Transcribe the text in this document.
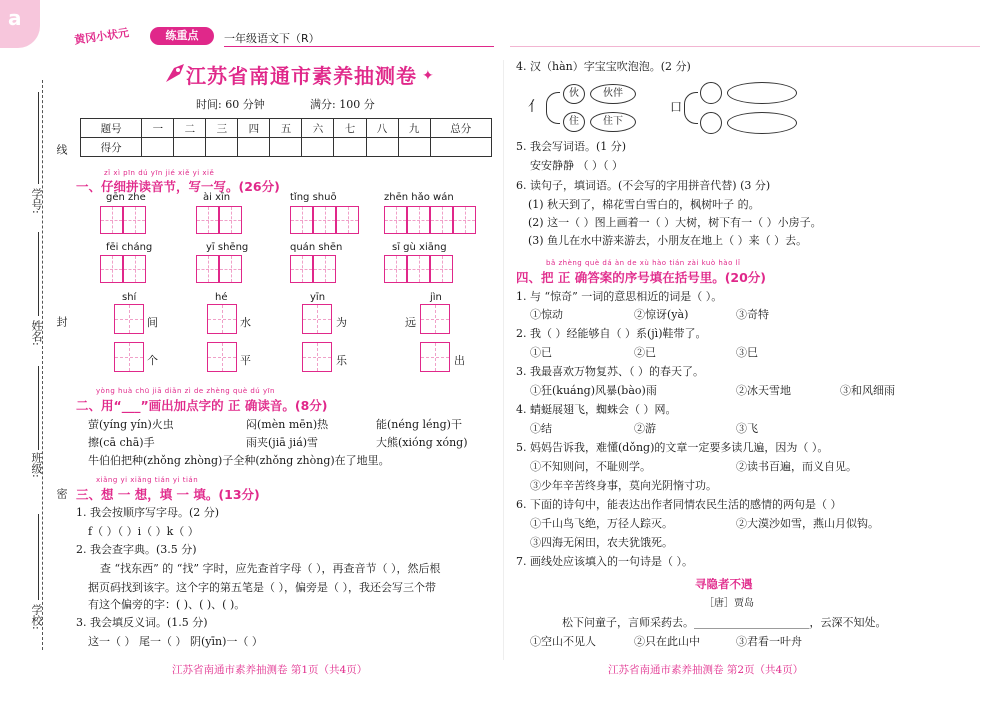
a
黄冈小状元	练重点	一年级语文下（R）
江苏省南通市素养抽测卷 ✦
时间: 60 分钟	满分: 100 分
题号	一	二	三	四	五	六	七	八	九	总分
得分										
线
封
密
学号:
姓名:
班级:
学校:
zǐ xì pīn dú yīn jié xiě yi xiě
一、仔细拼读音节，写一写。(26分)
gēn zhe	ài xīn	tǐng shuō	zhēn hǎo wán
fēi cháng	yī shēng	quán shēn	sī gù xiāng
shí	hé	yīn	jìn
间	水	为	远
个	平	乐	出
yòng huà chū jiā diǎn zì de zhèng què dú yīn
二、用“___”画出加点字的 正 确读音。(8分)
萤(yíng yín)火虫	闷(mèn mēn)热	能(néng léng)干
擦(cā chā)手	雨夹(jiā jiá)雪	大熊(xióng xóng)
牛伯伯把种(zhǒng zhòng)子全种(zhǒng zhòng)在了地里。
xiǎng yi xiǎng tián yi tián
三、想 一 想，填 一 填。(13分)
1. 我会按顺序写字母。(2 分)
f（ ）（ ）i（ ）k（ ）
2. 我会查字典。(3.5 分)
查 “找东西” 的 “找” 字时，应先查首字母（ ），再查音节（ ），然后根
据页码找到该字。这个字的第五笔是（ ），偏旁是（ ），我还会写三个带
有这个偏旁的字：( )、( )、( )。
3. 我会填反义词。(1.5 分)
这一（ ） 尾一（ ） 阴(yīn)一（ ）
江苏省南通市素养抽测卷 第1页（共4页）
4. 汉（hàn）字宝宝吹泡泡。(2 分)
亻
伙	伙伴
住	住下
口
5. 我会写词语。(1 分)
安安静静 （ ）（ ）
6. 读句子，填词语。(不会写的字用拼音代替) (3 分)
(1) 秋天到了，棉花雪白雪白的，枫树叶子 的。
(2) 这一（ ）图上画着一（ ）大树，树下有一（ ）小房子。
(3) 鱼儿在水中游来游去，小朋友在地上（ ）来（ ）去。
bǎ zhèng què dá àn de xù hào tián zài kuò hào lǐ
四、把 正 确答案的序号填在括号里。(20分)
1. 与 “惊奇” 一词的意思相近的词是（ ）。
①惊动	②惊讶(yà)	③奇特
2. 我（ ）经能够自（ ）系(jì)鞋带了。
①已	②已	③巳
3. 我最喜欢万物复苏、（ ）的春天了。
①狂(kuáng)风暴(bào)雨	②冰天雪地	③和风细雨
4. 蜻蜓展翅飞，蜘蛛会（ ）网。
①结	②游	③飞
5. 妈妈告诉我，难懂(dǒng)的文章一定要多读几遍，因为（ ）。
①不知则问，不耻则学。	②读书百遍，而义自见。
③少年辛苦终身事，莫向光阴惰寸功。
6. 下面的诗句中，能表达出作者同情农民生活的感情的两句是（ ）
①千山鸟飞绝，万径人踪灭。	②大漠沙如雪，燕山月似钩。
③四海无闲田，农夫犹饿死。
7. 画线处应该填入的一句诗是（ ）。
寻隐者不遇
［唐］贾岛
松下问童子，言师采药去。_____________________，云深不知处。
①空山不见人	②只在此山中	③君看一叶舟
江苏省南通市素养抽测卷 第2页（共4页）
